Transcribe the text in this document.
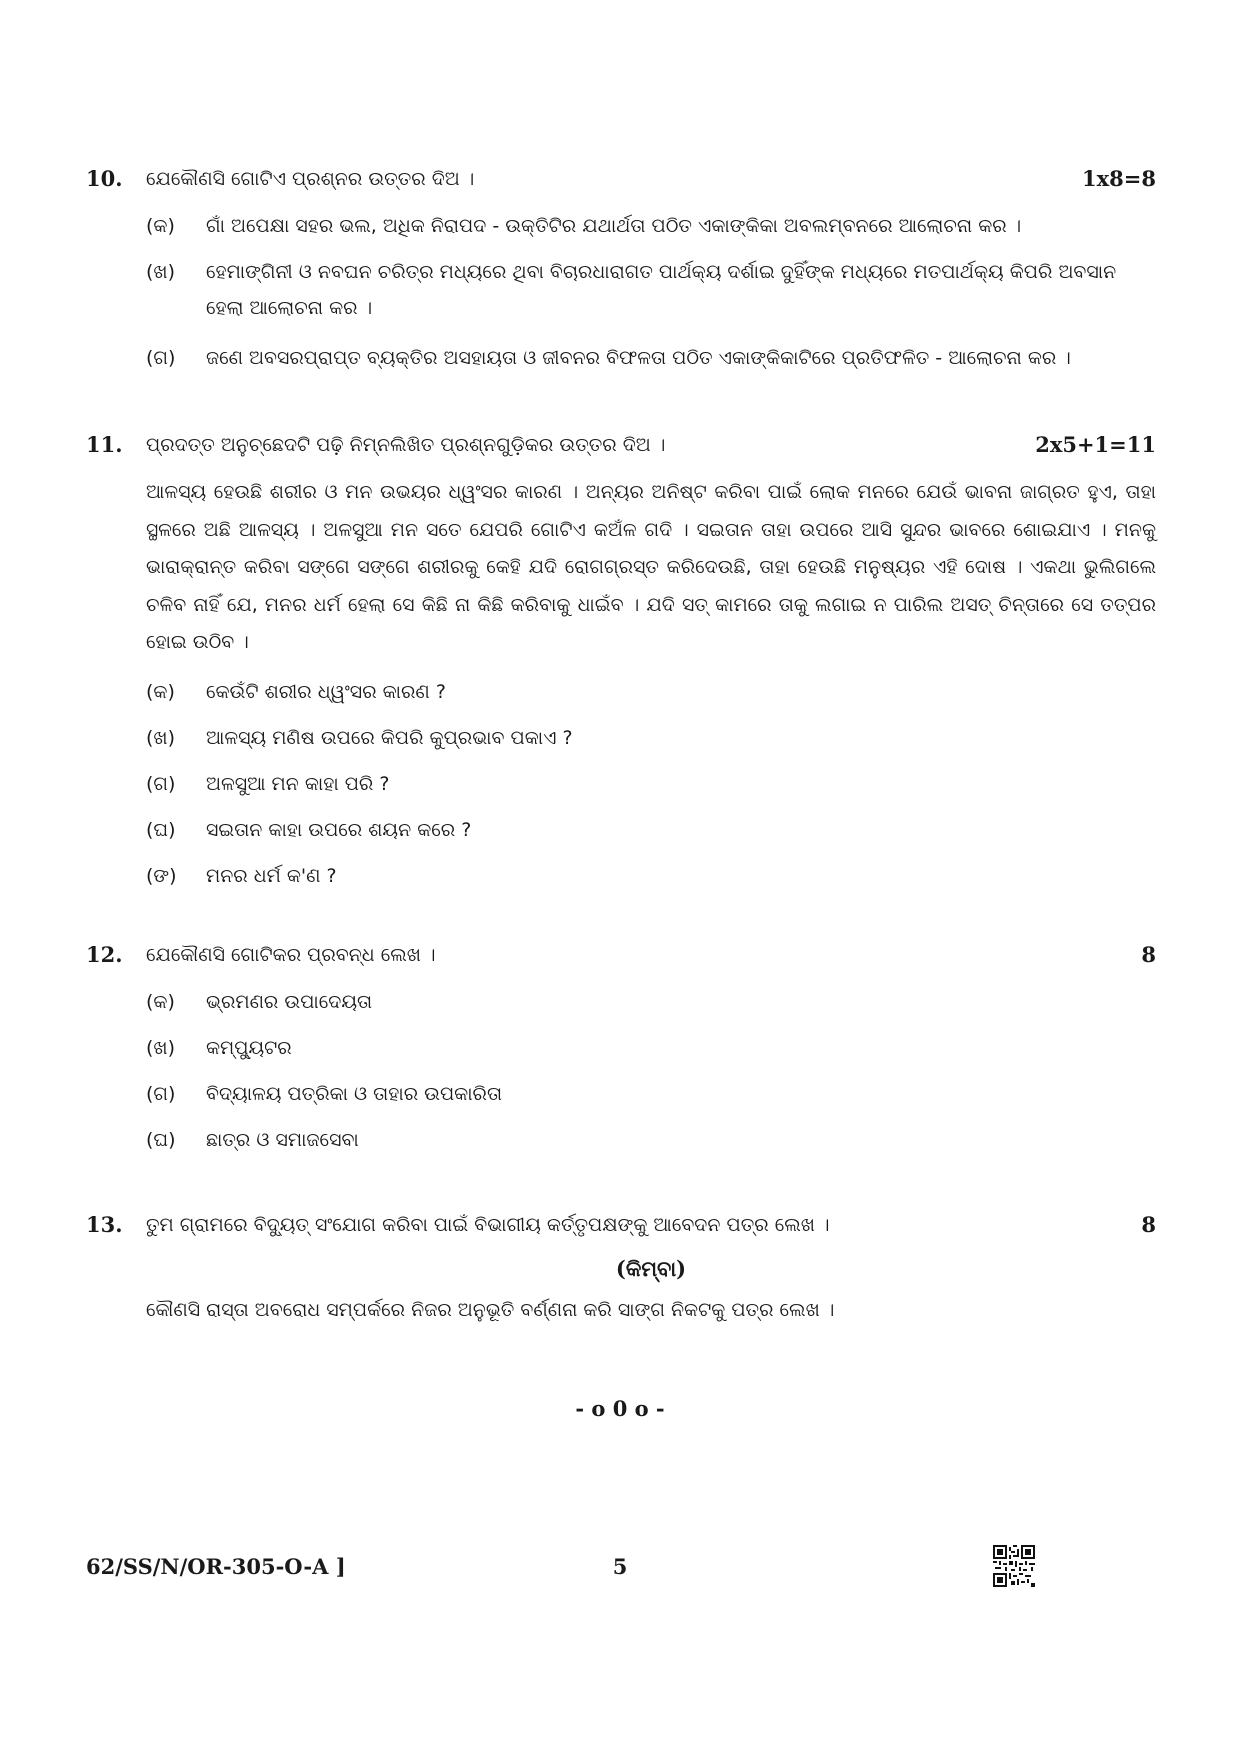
10. ଯେକୌଣସି ଗୋଟିଏ ପ୍ରଶ୍ନର ଉତ୍ତର ଦିଅ ।	1x8=8
(କ)	ଗାଁ ଅପେକ୍ଷା ସହର ଭଲ, ଅଧିକ ନିରାପଦ - ଉକ୍ତିଟିର ଯଥାର୍ଥତା ପଠିତ ଏକାଙ୍କିକା ଅବଲମ୍ବନରେ ଆଲୋଚନା କର ।
(ଖ)	ହେମାଙ୍ଗିନୀ ଓ ନବଘନ ଚରିତ୍ର ମଧ୍ୟରେ ଥିବା ବିଚାରଧାରାଗତ ପାର୍ଥକ୍ୟ ଦର୍ଶାଇ ଦୁହିଁଙ୍କ ମଧ୍ୟରେ ମତପାର୍ଥକ୍ୟ କିପରି ଅବସାନ ହେଲା ଆଲୋଚନା କର ।
(ଗ)	ଜଣେ ଅବସରପ୍ରାପ୍ତ ବ୍ୟକ୍ତିର ଅସହାୟତା ଓ ଜୀବନର ବିଫଳତା ପଠିତ ଏକାଙ୍କିକାଟିରେ ପ୍ରତିଫଳିତ - ଆଲୋଚନା କର ।
11. ପ୍ରଦତ୍ତ ଅନୁଚ୍ଛେଦଟି ପଢ଼ି ନିମ୍ନଲିଖିତ ପ୍ରଶ୍ନଗୁଡ଼ିକର ଉତ୍ତର ଦିଅ ।	2x5+1=11
ଆଳସ୍ୟ ହେଉଛି ଶରୀର ଓ ମନ ଉଭୟର ଧ୍ୱଂସର କାରଣ । ଅନ୍ୟର ଅନିଷ୍ଟ କରିବା ପାଇଁ ଲୋକ ମନରେ ଯେଉଁ ଭାବନା ଜାଗ୍ରତ ହୁଏ, ତାହା ସ୍ଥଳରେ ଅଛି ଆଳସ୍ୟ । ଅଳସୁଆ ମନ ସତେ ଯେପରି ଗୋଟିଏ କଅଁଳ ଗଦି । ସଇତାନ ତାହା ଉପରେ ଆସି ସୁନ୍ଦର ଭାବରେ ଶୋଇଯାଏ । ମନକୁ ଭାରାକ୍ରାନ୍ତ କରିବା ସଙ୍ଗେ ସଙ୍ଗେ ଶରୀରକୁ କେହି ଯଦି ରୋଗଗ୍ରସ୍ତ କରିଦେଉଛି, ତାହା ହେଉଛି ମନୁଷ୍ୟର ଏହି ଦୋଷ । ଏକଥା ଭୁଲିଗଲେ ଚଳିବ ନାହିଁ ଯେ, ମନର ଧର୍ମ ହେଲା ସେ କିଛି ନା କିଛି କରିବାକୁ ଧାଇଁବ । ଯଦି ସତ୍ କାମରେ ତାକୁ ଲଗାଇ ନ ପାରିଲ ଅସତ୍ ଚିନ୍ତାରେ ସେ ତତ୍ପର ହୋଇ ଉଠିବ ।
(କ)	କେଉଁଟି ଶରୀର ଧ୍ୱଂସର କାରଣ ?
(ଖ)	ଆଳସ୍ୟ ମଣିଷ ଉପରେ କିପରି କୁପ୍ରଭାବ ପକାଏ ?
(ଗ)	ଅଳସୁଆ ମନ କାହା ପରି ?
(ଘ)	ସଇତାନ କାହା ଉପରେ ଶୟନ କରେ ?
(ଙ)	ମନର ଧର୍ମ କ'ଣ ?
12. ଯେକୌଣସି ଗୋଟିକର ପ୍ରବନ୍ଧ ଲେଖ ।	8
(କ)	ଭ୍ରମଣର ଉପାଦେୟତା
(ଖ)	କମ୍ପ୍ୟୁଟର
(ଗ)	ବିଦ୍ୟାଳୟ ପତ୍ରିକା ଓ ତାହାର ଉପକାରିତା
(ଘ)	ଛାତ୍ର ଓ ସମାଜସେବା
13. ତୁମ ଗ୍ରାମରେ ବିଦ୍ୟୁତ୍ ସଂଯୋଗ କରିବା ପାଇଁ ବିଭାଗୀୟ କର୍ତ୍ତୃପକ୍ଷଙ୍କୁ ଆବେଦନ ପତ୍ର ଲେଖ ।	8
(କିମ୍ବା)
କୌଣସି ରାସ୍ତା ଅବରୋଧ ସମ୍ପର୍କରେ ନିଜର ଅନୁଭୂତି ବର୍ଣ୍ଣନା କରି ସାଙ୍ଗ ନିକଟକୁ ପତ୍ର ଲେଖ ।
- o 0 o -
62/SS/N/OR-305-O-A ]	5
